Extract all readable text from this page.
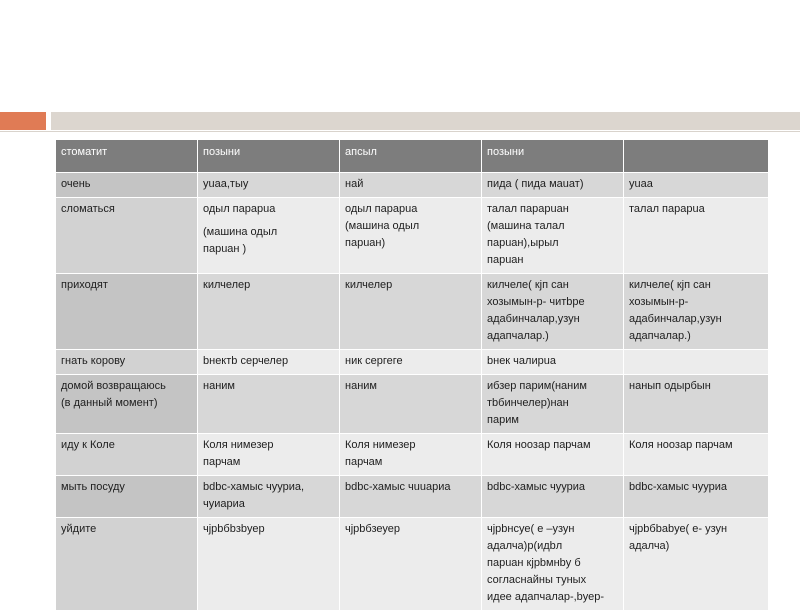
стоматит	позыни	апсыл	позыни	

очень	yuaa,тыу	най	пида ( пида маuат)	yuaa

сломаться	одыл парарuа
(машина одыл
парuан )	одыл парарuа
(машина одыл
парuан)	талал парарuан
(машина талал
парuан),ырыл
парuан	талал парарuа

приходят	килчелер	килчелер	килчеле( кјп сан
хозымын-р- читbре
адабинчалар,узун
адапчалар.)	килчеле( кјп сан
хозымын-р-
адабинчалар,узун
адапчалар.)

гнать корову	bнектb серчелер	ник сергеге	bнек чалирuа	

домой возвращаюсь
(в данный момент)	наним	наним	ибзер парим(наним
тbбинчелер)нан
парим	нанып одырбын

иду к Коле	Коля нимезер
парчам	Коля нимезер
парчам	Коля ноозар парчам	Коля ноозар парчам

мыть посуду	bdbc-хамыс чууриа,
чуиариа	bdbc-хамыс чuuариа	bdbc-хамыс чууриа	bdbc-хамыс чууриа

уйдите	чjрbбbзbуер	чjрbбзеуер	чjрbнсуе( е –узун
адалча)р(идbл
парuан кjрbмнbу б
согласнайны туных
идее адапчалар-,bуер-	чjрbбbаbуе( е- узун
адалча)
